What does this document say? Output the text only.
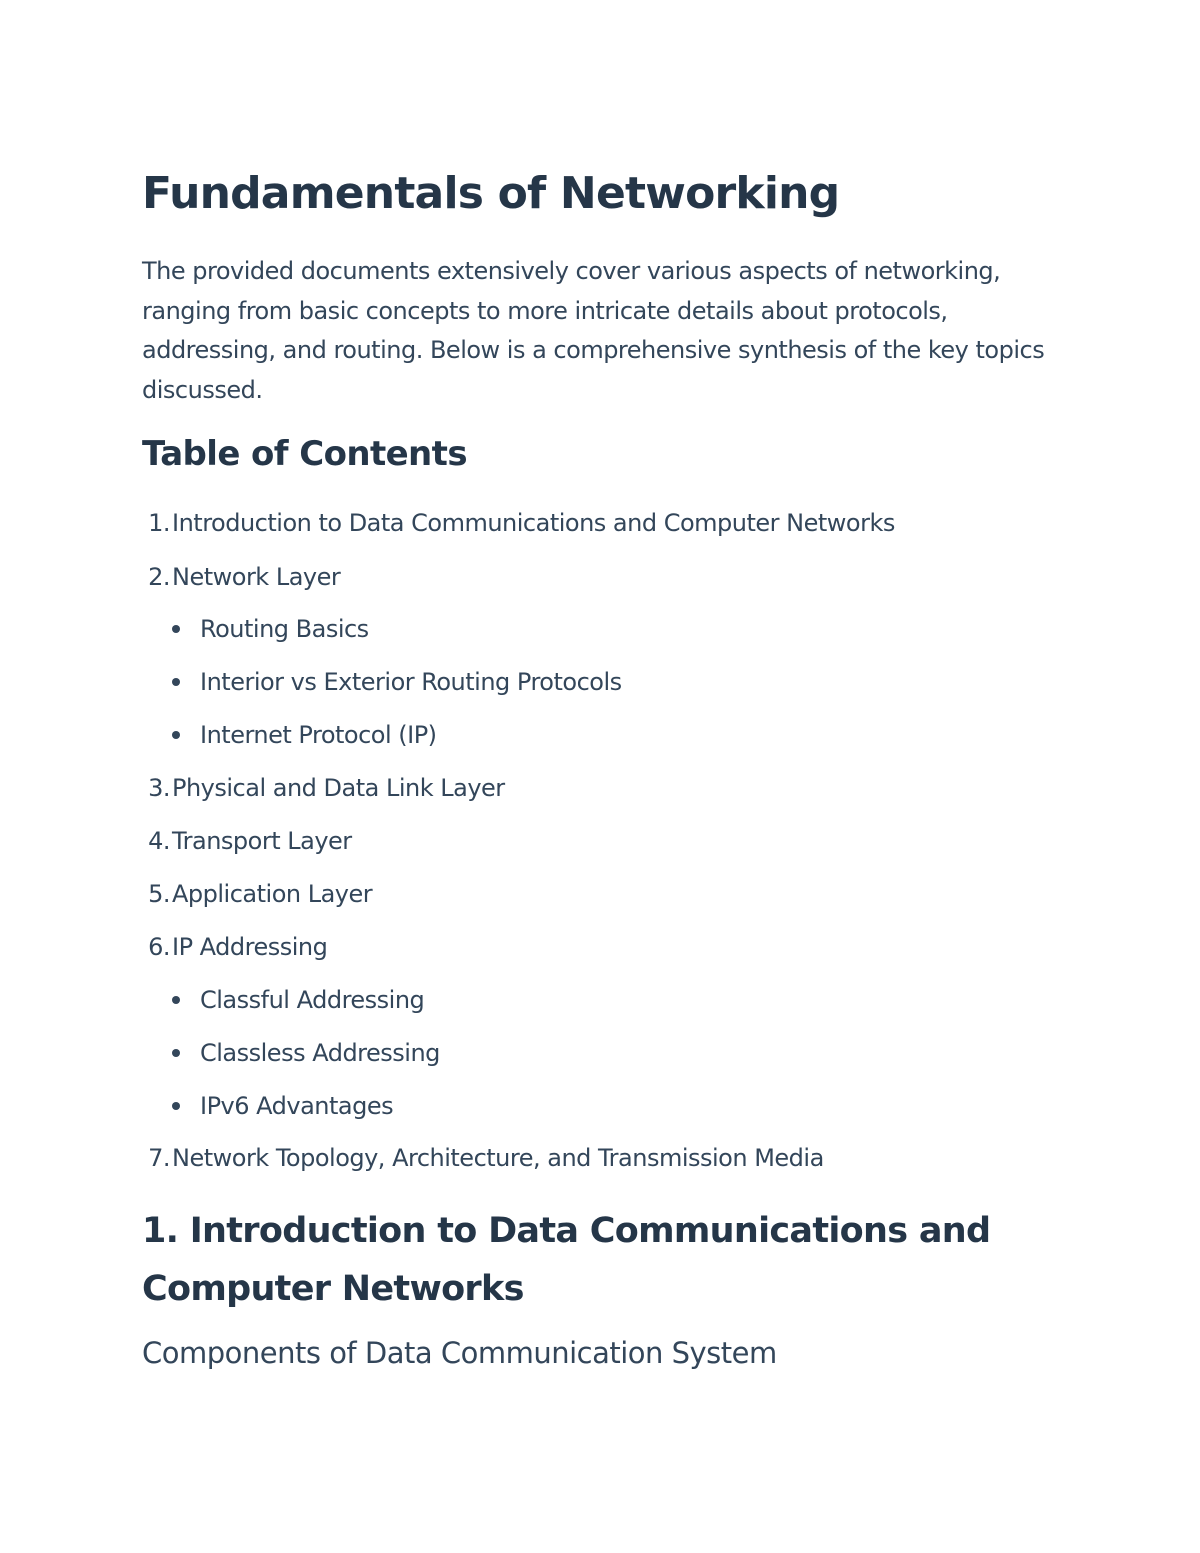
Fundamentals of Networking

The provided documents extensively cover various aspects of networking, ranging from basic concepts to more intricate details about protocols, addressing, and routing. Below is a comprehensive synthesis of the key topics discussed.

Table of Contents
1.Introduction to Data Communications and Computer Networks
2.Network Layer
Routing Basics
Interior vs Exterior Routing Protocols
Internet Protocol (IP)
3.Physical and Data Link Layer
4.Transport Layer
5.Application Layer
6.IP Addressing
Classful Addressing
Classless Addressing
IPv6 Advantages
7.Network Topology, Architecture, and Transmission Media
1. Introduction to Data Communications and Computer Networks
Components of Data Communication System
